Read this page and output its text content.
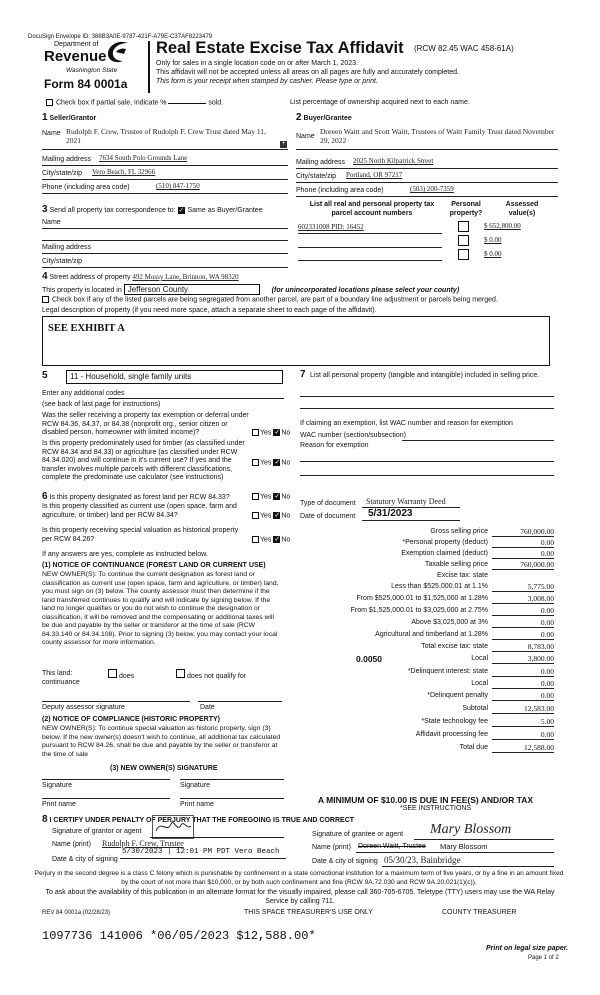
DocuSign Envelope ID: 388B3A0E-9787-421F-A79E-C37AF8223479
Department of
Revenue
Washington State
Form 84 0001a
Real Estate Excise Tax Affidavit (RCW 82.45 WAC 458-61A)
Only for sales in a single location code on or after March 1, 2023.
This affidavit will not be accepted unless all areas on all pages are fully and accurately completed.
This form is your receipt when stamped by cashier. Please type or print.
Check box if partial sale, indicate %	sold.	List percentage of ownership acquired next to each name.
1 Seller/Grantor
Name Rudolph F. Crew, Trustee of Rudolph F. Crew Trust dated May 11, 2021	+
Mailing address 7634 South Polo Grounds Lane
City/state/zip Vero Beach, FL 32966
Phone (including area code)	(510) 847-1750
2 Buyer/Grantee
Name
Doreen Waitt and Scott Waitt, Trustees of Waitt Family Trust dated November 29, 2022
Mailing address 2025 North Kilpatrick Street
City/state/zip Portland, OR 97217
Phone (including area code)	(503) 200-7359
3 Send all property tax correspondence to: ✓ Same as Buyer/Grantee
Name
Mailing address
City/state/zip
List all real and personal property tax parcel account numbers
Personal property?
Assessed value(s)
602331008 PID: 16452	$ 652,800.00
$ 0.00
$ 0.00
4 Street address of property 492 Mossy Lane, Brinnon, WA 98320
This property is located in Jefferson County	(for unincorporated locations please select your county)
Check box if any of the listed parcels are being segregated from another parcel, are part of a boundary line adjustment or parcels being merged.
Legal description of property (if you need more space, attach a separate sheet to each page of the affidavit).
SEE EXHIBIT A
5	11 - Household, single family units
Enter any additional codes
(see back of last page for instructions)
Was the seller receiving a property tax exemption or deferral under RCW 84.36, 84.37, or 84.38 (nonprofit org., senior citizen or disabled person, homeowner with limited income)?	Yes ✓No
Is this property predominately used for timber (as classified under RCW 84.34 and 84.33) or agriculture (as classified under RCW 84.34.020) and will continue in it's current use? If yes and the transfer involves multiple parcels with different classifications, complete the predominate use calculator (see instructions)
Yes ✓No
6 Is this property designated as forest land per RCW 84.33?	Yes ✓No
Is this property classified as current use (open space, farm and agriculture, or timber) land per RCW 84.34?	Yes ✓No
Is this property receiving special valuation as historical property per RCW 84.26?	Yes ✓No
If any answers are yes, complete as instructed below.
(1) NOTICE OF CONTINUANCE (FOREST LAND OR CURRENT USE)
NEW OWNER(S): To continue the current designation as forest land or classification as current use (open space, farm and agriculture, or timber) land, you must sign on (3) below. The county assessor must then determine if the land transferred continues to qualify and will indicate by signing below. If the land no longer qualifies or you do not wish to continue the designation or classification, it will be removed and the compensating or additional taxes will be due and payable by the seller or transferor at the time of sale (RCW 84.33.140 or 84.34.108). Prior to signing (3) below, you may contact your local county assessor for more information.
This land:	does	does not qualify for
continuance
Deputy assessor signature	Date
(2) NOTICE OF COMPLIANCE (HISTORIC PROPERTY)
NEW OWNER(S): To continue special valuation as historic property, sign (3) below. If the new owner(s) doesn't wish to continue, all additional tax calculated pursuant to RCW 84.26, shall be due and payable by the seller or transferor at the time of sale
(3) NEW OWNER(S) SIGNATURE
Signature	Signature
Print name	Print name
7 List all personal property (tangible and intangible) included in selling price.
If claiming an exemption, list WAC number and reason for exemption
WAC number (section/subsection)
Reason for exemption
Type of document Statutory Warranty Deed
Date of document 5/31/2023
Gross selling price	760,000.00
*Personal property (deduct)	0.00
Exemption claimed (deduct)	0.00
Taxable selling price	760,000.00
Excise tax: state
Less than $525,000.01 at 1.1%	5,775.00
From $525,000.01 to $1,525,000 at 1.28%	3,008.00
From $1,525,000.01 to $3,025,000 at 2.75%	0.00
Above $3,025,000 at 3%	0.00
Agricultural and timberland at 1.28%	0.00
Total excise tax: state	8,783.00
Local
0.0050	3,800.00
*Delinquent interest: state	0.00
Local	0.00
*Delinquent penalty	0.00
Subtotal	12,583.00
*State technology fee	5.00
Affidavit processing fee	0.00
Total due	12,588.00
A MINIMUM OF $10.00 IS DUE IN FEE(S) AND/OR TAX
*SEE INSTRUCTIONS
8 I CERTIFY UNDER PENALTY OF PERJURY THAT THE FOREGOING IS TRUE AND CORRECT
Signature of grantor or agent
Name (print) Rudolph F. Crew, Trustee
Date & city of signing
5/30/2023 | 12:01 PM PDT Vero Beach
Signature of grantee or agent Mary Blossom
Name (print) Doreen Waitt, Trustee Mary Blossom
Date & city of signing 05/30/23, Bainbridge
Perjury in the second degree is a class C felony which is punishable by confinement in a state correctional institution for a maximum term of five years, or by a fine in an amount fixed by the court of not more than $10,000, or by both such confinement and fine (RCW 9A.72.030 and RCW 9A.20.021(1)(c)).
To ask about the availability of this publication in an alternate format for the visually impaired, please call 360-705-6705. Teletype (TTY) users may use the WA Relay Service by calling 711.
REV 84 0001a (02/28/23)	THIS SPACE TREASURER'S USE ONLY	COUNTY TREASURER
1097736 141006 *06/05/2023 $12,588.00*
Print on legal size paper.
Page 1 of 2
